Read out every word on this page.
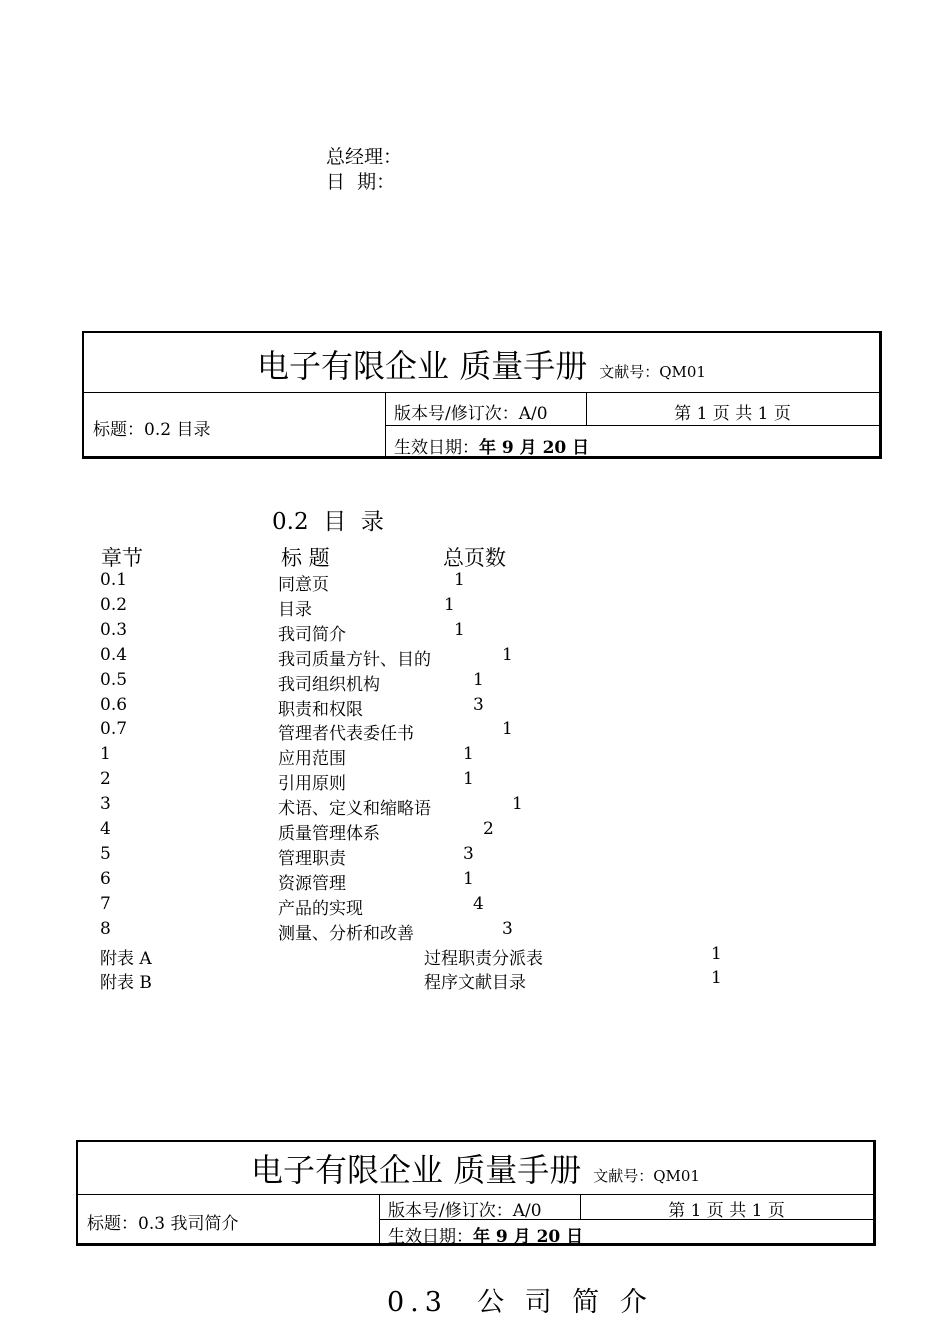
总经理：
日  期：
电子有限企业 质量手册 文献号：QM01
标题：0.2 目录
版本号/修订次：A/0	第 1 页 共 1 页
生效日期：年 9 月 20 日
0.2  目  录
章节	标 题	总页数
0.1	同意页	1
0.2	目录	1
0.3	我司简介	1
0.4	我司质量方针、目的	1
0.5	我司组织机构	1
0.6	职责和权限	3
0.7	管理者代表委任书	1
1	应用范围	1
2	引用原则	1
3	术语、定义和缩略语	1
4	质量管理体系	2
5	管理职责	3
6	资源管理	1
7	产品的实现	4
8	测量、分析和改善	3
附表 A	过程职责分派表	1
附表 B	程序文献目录	1
电子有限企业 质量手册 文献号：QM01
标题：0.3 我司简介
版本号/修订次：A/0	第 1 页 共 1 页
生效日期：年 9 月 20 日
0.3  公 司 简 介
